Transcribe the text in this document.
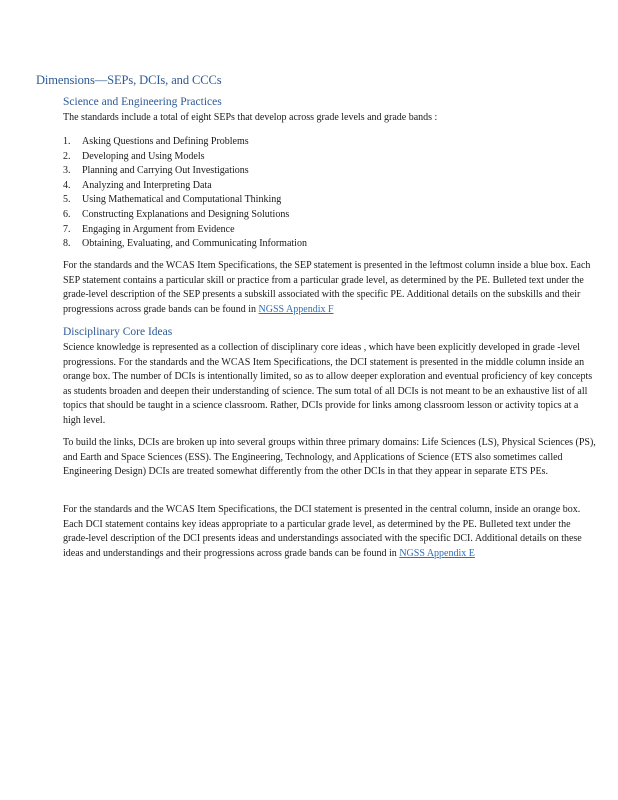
Dimensions—SEPs, DCIs, and CCCs
Science and Engineering Practices

The standards include a total of eight SEPs that develop across grade levels and grade bands :

1.	Asking Questions and Defining Problems
2.	Developing and Using Models
3.	Planning and Carrying Out Investigations
4.	Analyzing and Interpreting Data
5.	Using Mathematical and Computational Thinking
6.	Constructing Explanations and Designing Solutions
7.	Engaging in Argument from Evidence
8.	Obtaining, Evaluating, and Communicating Information

For the standards and the WCAS Item Specifications, the SEP statement is presented in the leftmost column inside a blue box. Each SEP statement contains a particular skill or practice from a particular grade level, as determined by the PE. Bulleted text under the grade-level description of the SEP presents a subskill associated with the specific PE. Additional details on the subskills and their progressions across grade bands can be found in NGSS Appendix F

Disciplinary Core Ideas

Science knowledge is represented as a collection of disciplinary core ideas , which have been explicitly developed in grade -level progressions. For the standards and the WCAS Item Specifications, the DCI statement is presented in the middle column inside an orange box. The number of DCIs is intentionally limited, so as to allow deeper exploration and eventual proficiency of key concepts as students broaden and deepen their understanding of science. The sum total of all DCIs is not meant to be an exhaustive list of all topics that should be taught in a science classroom. Rather, DCIs provide for links among classroom lesson or activity topics at a high level.

To build the links, DCIs are broken up into several groups within three primary domains: Life Sciences (LS), Physical Sciences (PS), and Earth and Space Sciences (ESS). The Engineering, Technology, and Applications of Science (ETS also sometimes called Engineering Design) DCIs are treated somewhat differently from the other DCIs in that they appear in separate ETS PEs.

For the standards and the WCAS Item Specifications, the DCI statement is presented in the central column, inside an orange box. Each DCI statement contains key ideas appropriate to a particular grade level, as determined by the PE. Bulleted text under the grade-level description of the DCI presents ideas and understandings associated with the specific DCI. Additional details on these ideas and understandings and their progressions across grade bands can be found in NGSS Appendix E
